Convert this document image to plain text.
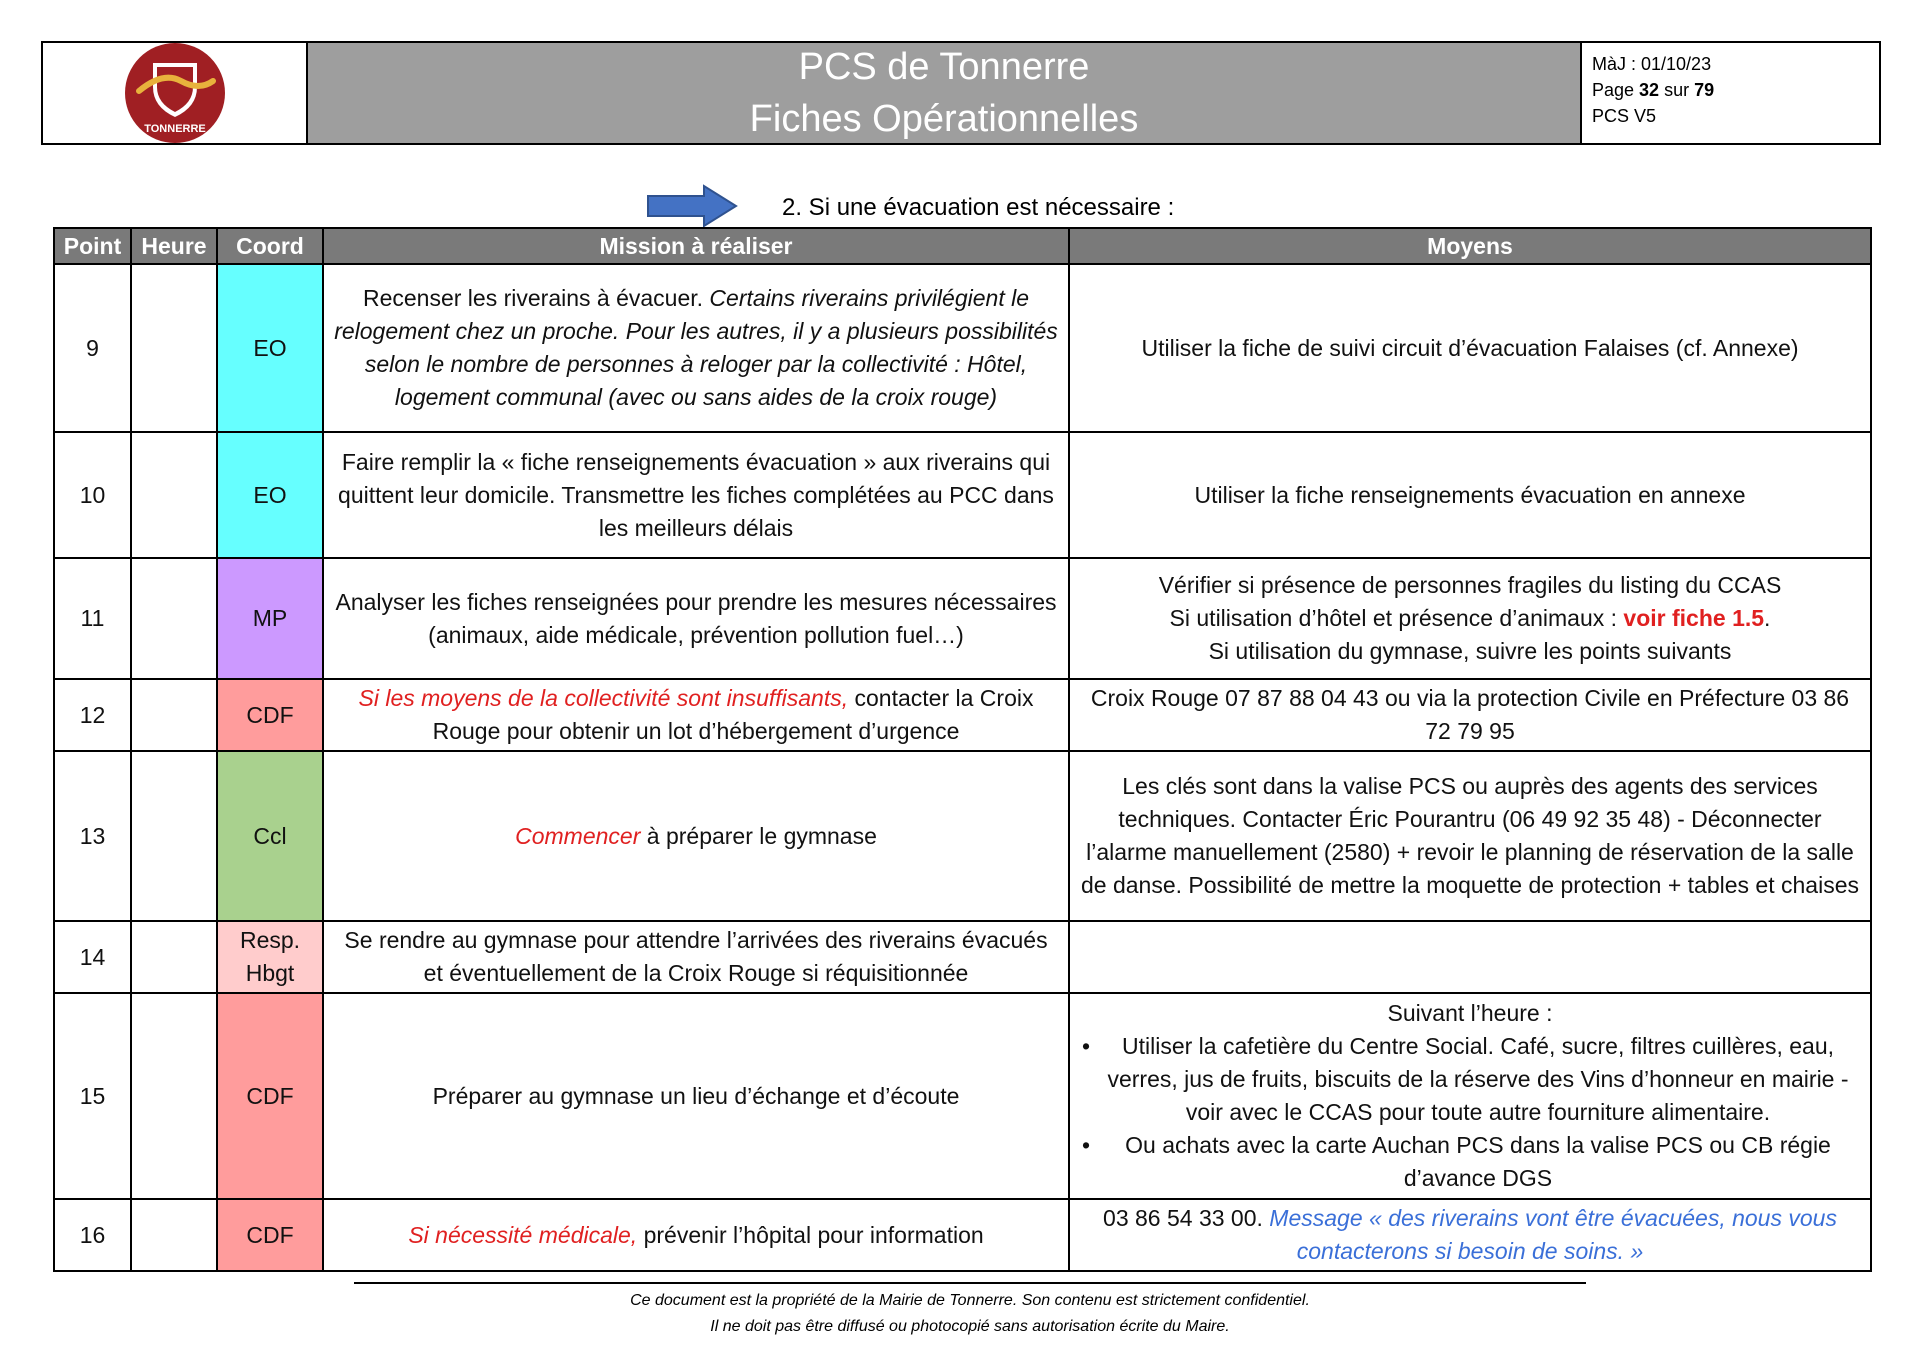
TONNERRE
PCS de Tonnerre
Fiches Opérationnelles
MàJ : 01/10/23
Page 32 sur 79
PCS V5
2. Si une évacuation est nécessaire :
Point	Heure	Coord	Mission à réaliser	Moyens
9		EO	Recenser les riverains à évacuer. Certains riverains privilégient le relogement chez un proche. Pour les autres, il y a plusieurs possibilités selon le nombre de personnes à reloger par la collectivité : Hôtel, logement communal (avec ou sans aides de la croix rouge)	Utiliser la fiche de suivi circuit d’évacuation Falaises (cf. Annexe)
10		EO	Faire remplir la « fiche renseignements évacuation » aux riverains qui quittent leur domicile. Transmettre les fiches complétées au PCC dans les meilleurs délais	Utiliser la fiche renseignements évacuation en annexe
11		MP	Analyser les fiches renseignées pour prendre les mesures nécessaires (animaux, aide médicale, prévention pollution fuel…)	Vérifier si présence de personnes fragiles du listing du CCAS
Si utilisation d’hôtel et présence d’animaux : voir fiche 1.5.
Si utilisation du gymnase, suivre les points suivants

12		CDF	Si les moyens de la collectivité sont insuffisants, contacter la Croix Rouge pour obtenir un lot d’hébergement d’urgence	Croix Rouge 07 87 88 04 43 ou via la protection Civile en Préfecture 03 86 72 79 95
13		Ccl	Commencer à préparer le gymnase	Les clés sont dans la valise PCS ou auprès des agents des services techniques. Contacter Éric Pourantru (06 49 92 35 48) - Déconnecter l’alarme manuellement (2580) + revoir le planning de réservation de la salle de danse. Possibilité de mettre la moquette de protection + tables et chaises
14		Resp. Hbgt	Se rendre au gymnase pour attendre l’arrivées des riverains évacués et éventuellement de la Croix Rouge si réquisitionnée	
15		CDF	Préparer au gymnase un lieu d’échange et d’écoute	Suivant l’heure :
• Utiliser la cafetière du Centre Social. Café, sucre, filtres cuillères, eau, verres, jus de fruits, biscuits de la réserve des Vins d’honneur en mairie - voir avec le CCAS pour toute autre fourniture alimentaire.
• Ou achats avec la carte Auchan PCS dans la valise PCS ou CB régie d’avance DGS

16		CDF	Si nécessité médicale, prévenir l’hôpital pour information	03 86 54 33 00. Message « des riverains vont être évacuées, nous vous contacterons si besoin de soins. »
Ce document est la propriété de la Mairie de Tonnerre. Son contenu est strictement confidentiel.
Il ne doit pas être diffusé ou photocopié sans autorisation écrite du Maire.
